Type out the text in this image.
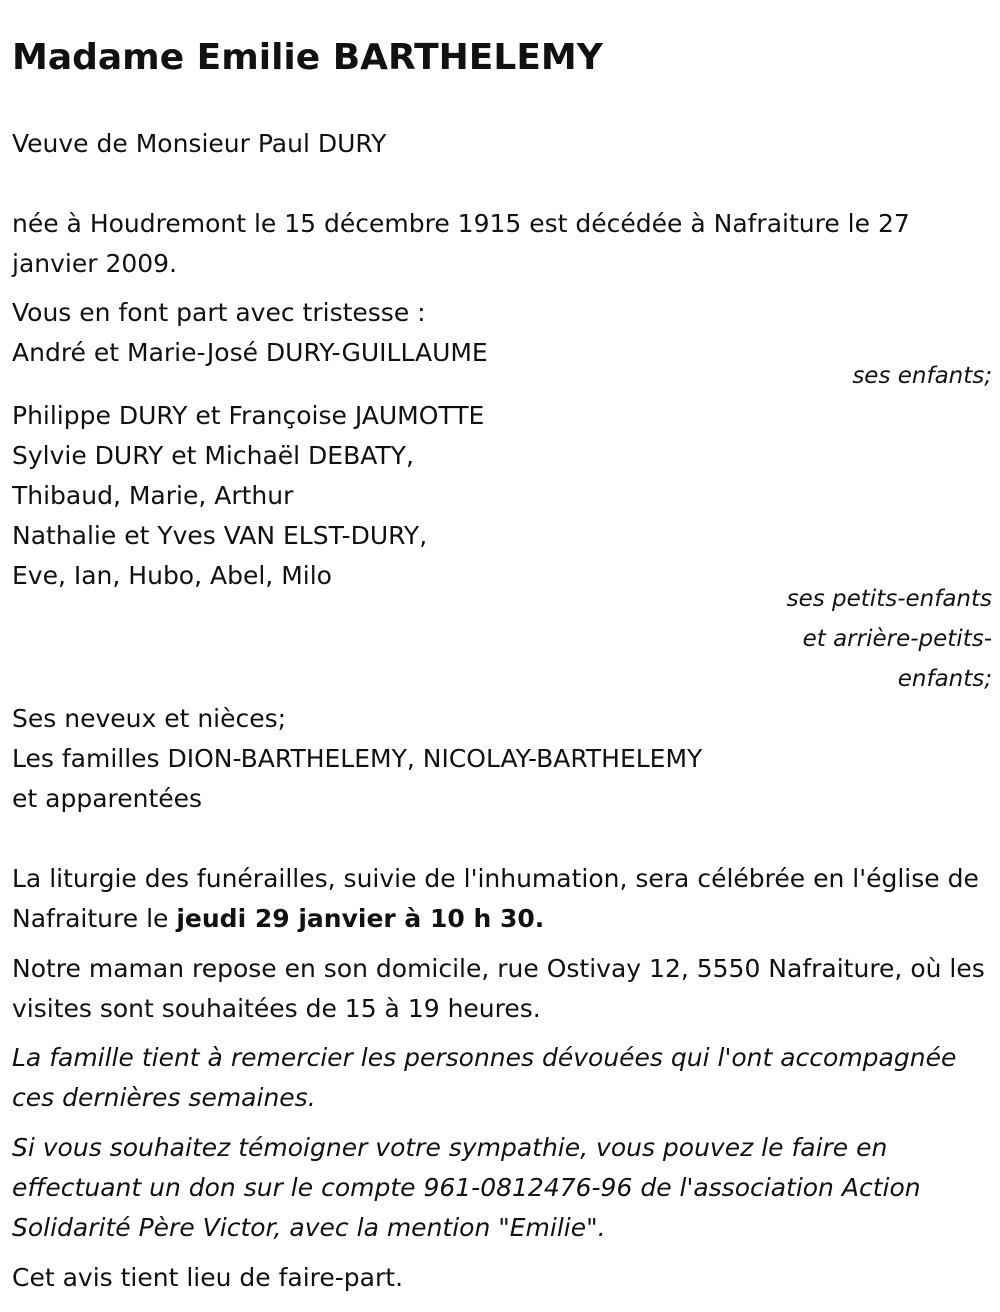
Madame Emilie BARTHELEMY

Veuve de Monsieur Paul DURY

née à Houdremont le 15 décembre 1915 est décédée à Nafraiture le 27 janvier 2009.

Vous en font part avec tristesse :

André et Marie-José DURY-GUILLAUME

ses enfants;

Philippe DURY et Françoise JAUMOTTE

Sylvie DURY et Michaël DEBATY,

Thibaud, Marie, Arthur

Nathalie et Yves VAN ELST-DURY,

Eve, Ian, Hubo, Abel, Milo

ses petits-enfants

et arrière-petits-

enfants;

Ses neveux et nièces;

Les familles DION-BARTHELEMY, NICOLAY-BARTHELEMY

et apparentées

La liturgie des funérailles, suivie de l'inhumation, sera célébrée en l'église de Nafraiture le jeudi 29 janvier à 10 h 30.

Notre maman repose en son domicile, rue Ostivay 12, 5550 Nafraiture, où les visites sont souhaitées de 15 à 19 heures.

La famille tient à remercier les personnes dévouées qui l'ont accompagnée ces dernières semaines.

Si vous souhaitez témoigner votre sympathie, vous pouvez le faire en effectuant un don sur le compte 961-0812476-96 de l'association Action Solidarité Père Victor, avec la mention "Emilie".

Cet avis tient lieu de faire-part.
